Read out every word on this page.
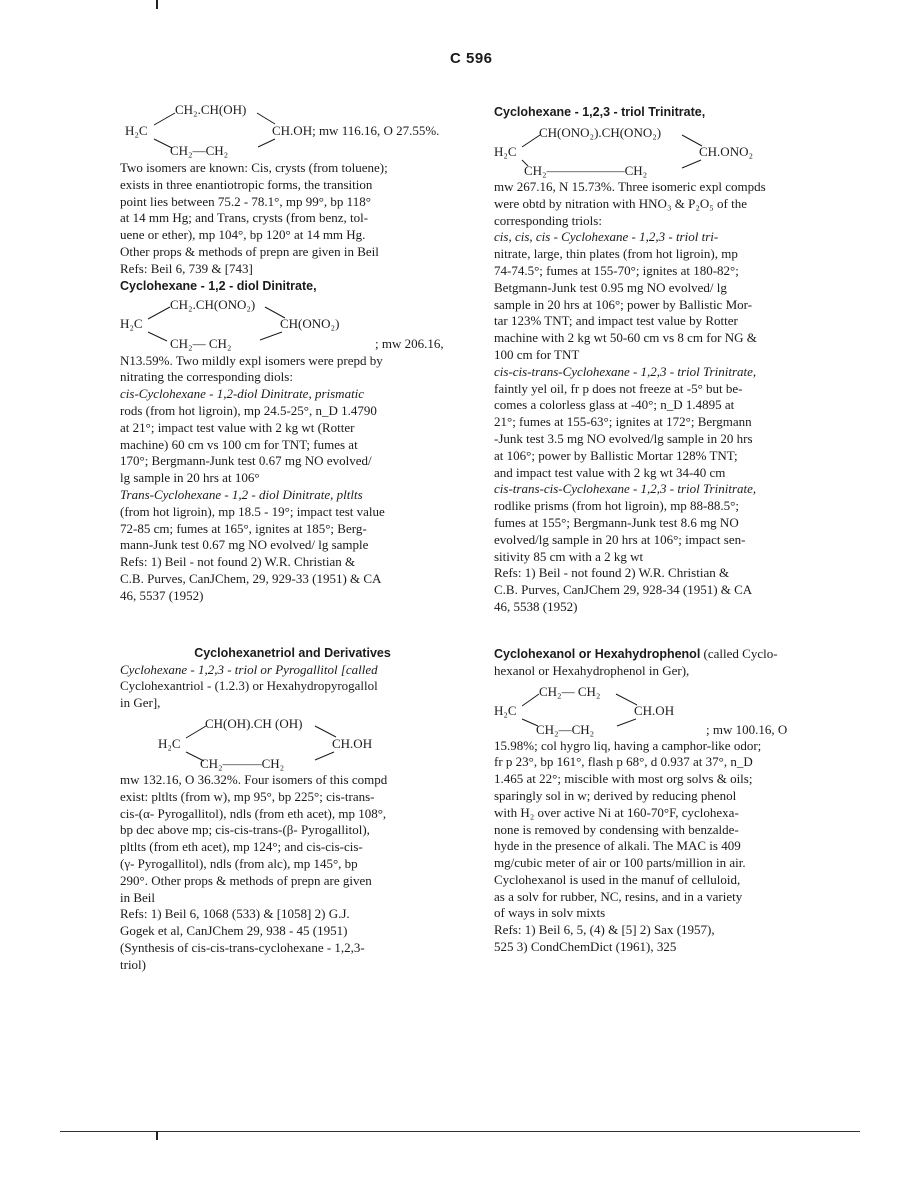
C 596
CH₂.CH(OH)
H₂C	CH.OH; mw 116.16, O 27.55%.
CH₂—CH₂

Two isomers are known: Cis, crysts (from toluene);

exists in three enantiotropic forms, the transition

point lies between 75.2 - 78.1°, mp 99°, bp 118°

at 14 mm Hg; and Trans, crysts (from benz, tol-

uene or ether), mp 104°, bp 120° at 14 mm Hg.

Other props & methods of prepn are given in Beil

Refs: Beil 6, 739 & [743]

Cyclohexane - 1,2 - diol Dinitrate,

CH₂.CH(ONO₂)
H₂C	CH(ONO₂)
CH₂— CH₂	; mw 206.16,

N13.59%. Two mildly expl isomers were prepd by

nitrating the corresponding diols:

cis-Cyclohexane - 1,2-diol Dinitrate, prismatic

rods (from hot ligroin), mp 24.5-25°, n_D 1.4790

at 21°; impact test value with 2 kg wt (Rotter

machine) 60 cm vs 100 cm for TNT; fumes at

170°; Bergmann-Junk test 0.67 mg NO evolved/

lg sample in 20 hrs at 106°

Trans-Cyclohexane - 1,2 - diol Dinitrate, pltlts

(from hot ligroin), mp 18.5 - 19°; impact test value

72-85 cm; fumes at 165°, ignites at 185°; Berg-

mann-Junk test 0.67 mg NO evolved/ lg sample

Refs: 1) Beil - not found 2) W.R. Christian &

C.B. Purves, CanJChem, 29, 929-33 (1951) & CA

46, 5537 (1952)

Cyclohexanetriol and Derivatives

Cyclohexane - 1,2,3 - triol or Pyrogallitol [called

Cyclohexantriol - (1.2.3) or Hexahydropyrogallol

in Ger],

CH(OH).CH (OH)
H₂C	CH.OH
CH₂———CH₂

mw 132.16, O 36.32%. Four isomers of this compd

exist: pltlts (from w), mp 95°, bp 225°; cis-trans-

cis-(α- Pyrogallitol), ndls (from eth acet), mp 108°,

bp dec above mp; cis-cis-trans-(β- Pyrogallitol),

pltlts (from eth acet), mp 124°; and cis-cis-cis-

(γ- Pyrogallitol), ndls (from alc), mp 145°, bp

290°. Other props & methods of prepn are given

in Beil

Refs: 1) Beil 6, 1068 (533) & [1058] 2) G.J.

Gogek et al, CanJChem 29, 938 - 45 (1951)

(Synthesis of cis-cis-trans-cyclohexane - 1,2,3-

triol)

Cyclohexane - 1,2,3 - triol Trinitrate,

CH(ONO₂).CH(ONO₂)
H₂C	CH.ONO₂
CH₂——————CH₂

mw 267.16, N 15.73%. Three isomeric expl compds

were obtd by nitration with HNO₃ & P₂O₅ of the

corresponding triols:

cis, cis, cis - Cyclohexane - 1,2,3 - triol tri-

nitrate, large, thin plates (from hot ligroin), mp

74-74.5°; fumes at 155-70°; ignites at 180-82°;

Betgmann-Junk test 0.95 mg NO evolved/ lg

sample in 20 hrs at 106°; power by Ballistic Mor-

tar 123% TNT; and impact test value by Rotter

machine with 2 kg wt 50-60 cm vs 8 cm for NG &

100 cm for TNT

cis-cis-trans-Cyclohexane - 1,2,3 - triol Trinitrate,

faintly yel oil, fr p does not freeze at -5° but be-

comes a colorless glass at -40°; n_D 1.4895 at

21°; fumes at 155-63°; ignites at 172°; Bergmann

-Junk test 3.5 mg NO evolved/lg sample in 20 hrs

at 106°; power by Ballistic Mortar 128% TNT;

and impact test value with 2 kg wt 34-40 cm

cis-trans-cis-Cyclohexane - 1,2,3 - triol Trinitrate,

rodlike prisms (from hot ligroin), mp 88-88.5°;

fumes at 155°; Bergmann-Junk test 8.6 mg NO

evolved/lg sample in 20 hrs at 106°; impact sen-

sitivity 85 cm with a 2 kg wt

Refs: 1) Beil - not found 2) W.R. Christian &

C.B. Purves, CanJChem 29, 928-34 (1951) & CA

46, 5538 (1952)

Cyclohexanol or Hexahydrophenol (called Cyclo-

hexanol or Hexahydrophenol in Ger),

CH₂— CH₂
H₂C	CH.OH
CH₂—CH₂	; mw 100.16, O

15.98%; col hygro liq, having a camphor-like odor;

fr p 23°, bp 161°, flash p 68°, d 0.937 at 37°, n_D

1.465 at 22°; miscible with most org solvs & oils;

sparingly sol in w; derived by reducing phenol

with H₂ over active Ni at 160-70°F, cyclohexa-

none is removed by condensing with benzalde-

hyde in the presence of alkali. The MAC is 409

mg/cubic meter of air or 100 parts/million in air.

Cyclohexanol is used in the manuf of celluloid,

as a solv for rubber, NC, resins, and in a variety

of ways in solv mixts

Refs: 1) Beil 6, 5, (4) & [5] 2) Sax (1957),

525 3) CondChemDict (1961), 325
